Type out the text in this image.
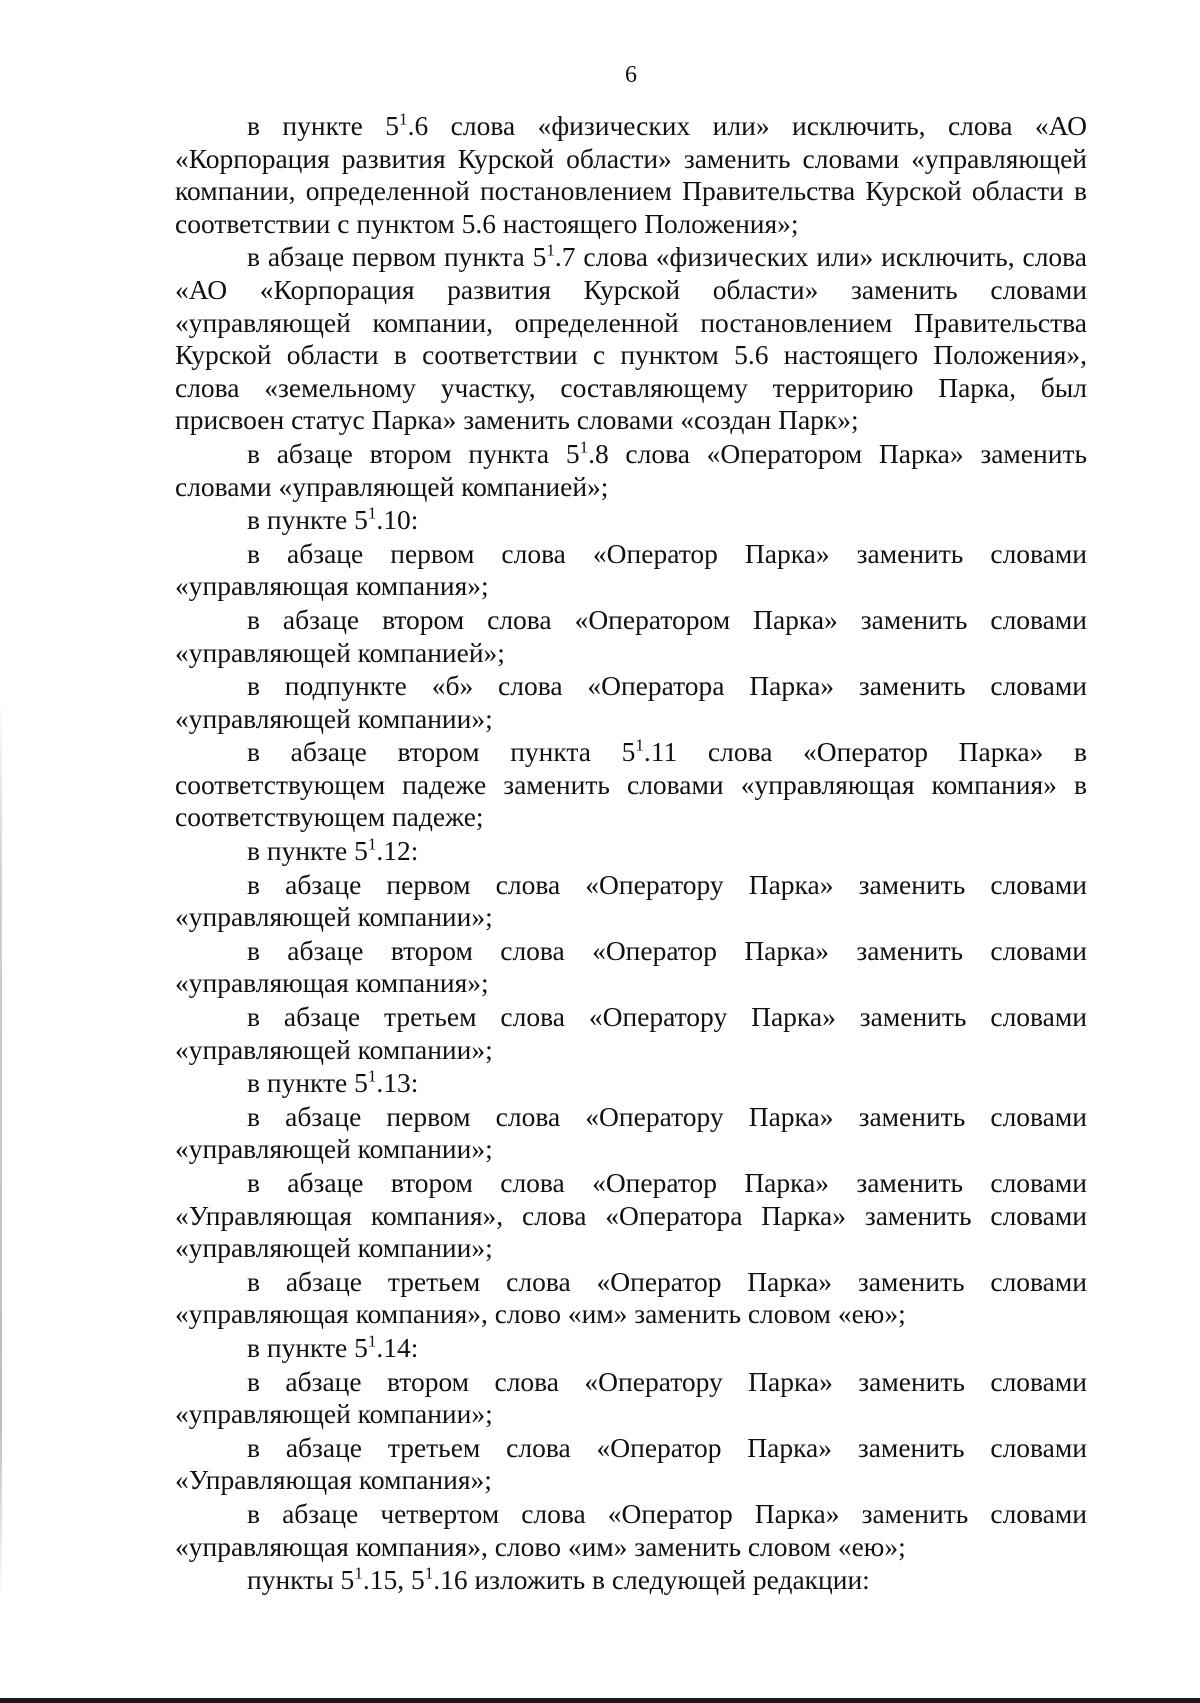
6

в пункте $5^1.6$ слова «физических или» исключить, слова «АО «Корпорация развития Курской области» заменить словами «управляющей компании, определенной постановлением Правительства Курской области в соответствии с пунктом 5.6 настоящего Положения»;

в абзаце первом пункта $5^1.7$ слова «физических или» исключить, слова «АО «Корпорация развития Курской области» заменить словами «управляющей компании, определенной постановлением Правительства Курской области в соответствии с пунктом 5.6 настоящего Положения», слова «земельному участку, составляющему территорию Парка, был присвоен статус Парка» заменить словами «создан Парк»;

в абзаце втором пункта $5^1.8$ слова «Оператором Парка» заменить словами «управляющей компанией»;

в пункте $5^1.10$:

в абзаце первом слова «Оператор Парка» заменить словами «управляющая компания»;

в абзаце втором слова «Оператором Парка» заменить словами «управляющей компанией»;

в подпункте «б» слова «Оператора Парка» заменить словами «управляющей компании»;

в абзаце втором пункта $5^1.11$ слова «Оператор Парка» в соответствующем падеже заменить словами «управляющая компания» в соответствующем падеже;

в пункте $5^1.12$:

в абзаце первом слова «Оператору Парка» заменить словами «управляющей компании»;

в абзаце втором слова «Оператор Парка» заменить словами «управляющая компания»;

в абзаце третьем слова «Оператору Парка» заменить словами «управляющей компании»;

в пункте $5^1.13$:

в абзаце первом слова «Оператору Парка» заменить словами «управляющей компании»;

в абзаце втором слова «Оператор Парка» заменить словами «Управляющая компания», слова «Оператора Парка» заменить словами «управляющей компании»;

в абзаце третьем слова «Оператор Парка» заменить словами «управляющая компания», слово «им» заменить словом «ею»;

в пункте $5^1.14$:

в абзаце втором слова «Оператору Парка» заменить словами «управляющей компании»;

в абзаце третьем слова «Оператор Парка» заменить словами «Управляющая компания»;

в абзаце четвертом слова «Оператор Парка» заменить словами «управляющая компания», слово «им» заменить словом «ею»;

пункты $5^1.15$, $5^1.16$ изложить в следующей редакции:
